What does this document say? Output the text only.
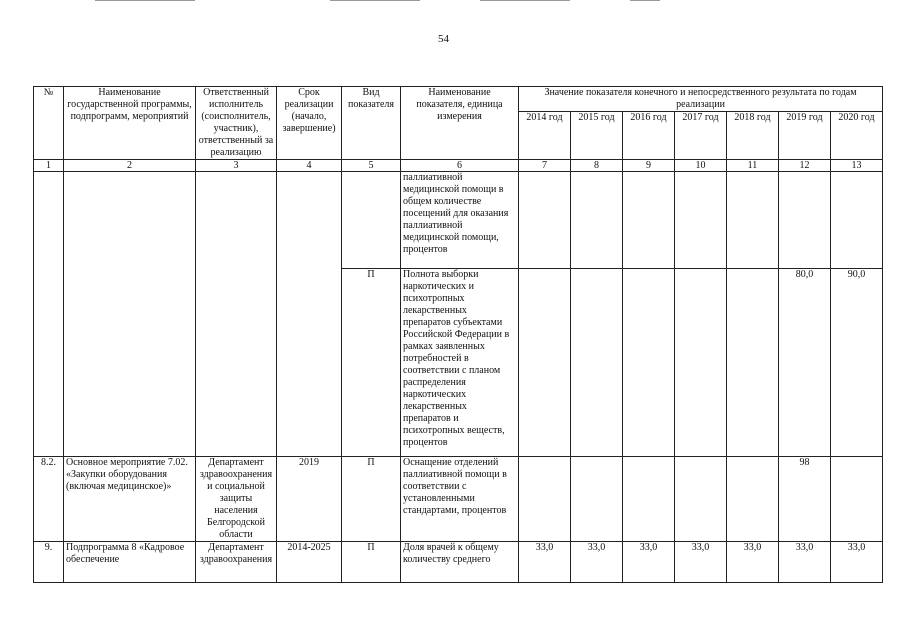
54
№	Наименование государственной программы, подпрограмм, мероприятий	Ответственный исполнитель (соисполнитель, участник), ответственный за реализацию	Срок реализации (начало, завершение)	Вид показателя	Наименование показателя, единица измерения	Значение показателя конечного и непосредственного результата по годам реализации						
						2014 год	2015 год	2016 год	2017 год	2018 год	2019 год	2020 год
1	2	3	4	5	6	7	8	9	10	11	12	13
					паллиативной медицинской помощи в общем количестве посещений для оказания паллиативной медицинской помощи, процентов							
				П	Полнота выборки наркотических и психотропных лекарственных препаратов субъектами Российской Федерации в рамках заявленных потребностей в соответствии с планом распределения наркотических лекарственных препаратов и психотропных веществ, процентов						80,0	90,0
8.2.	Основное мероприятие 7.02. «Закупки оборудования (включая медицинское)»	Департамент здравоохранения и социальной защиты населения Белгородской области	2019	П	Оснащение отделений паллиативной помощи в соответствии с установленными стандартами, процентов						98	
9.	Подпрограмма 8 «Кадровое обеспечение	Департамент здравоохранения	2014-2025	П	Доля врачей к общему количеству среднего	33,0	33,0	33,0	33,0	33,0	33,0	33,0
